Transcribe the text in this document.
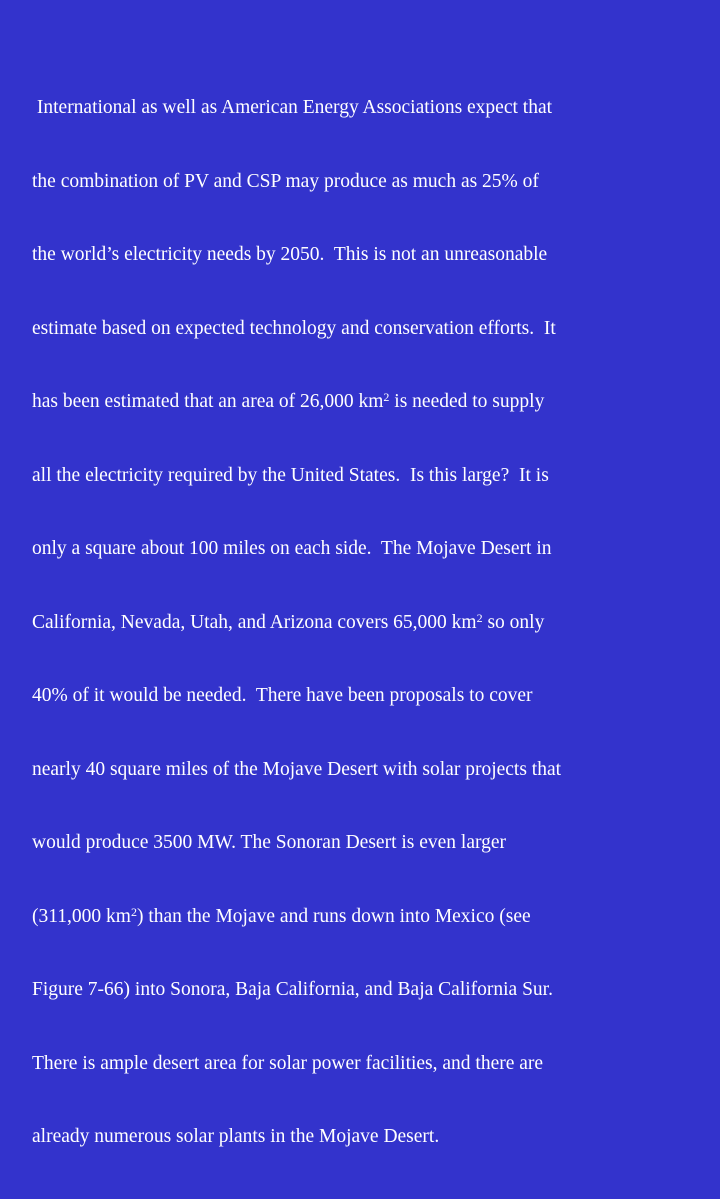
International as well as American Energy Associations expect that

the combination of PV and CSP may produce as much as 25% of

the world’s electricity needs by 2050.  This is not an unreasonable

estimate based on expected technology and conservation efforts.  It

has been estimated that an area of 26,000 $km^2$ is needed to supply

all the electricity required by the United States.  Is this large?  It is

only a square about 100 miles on each side.  The Mojave Desert in

California, Nevada, Utah, and Arizona covers 65,000 $km^2$ so only

40% of it would be needed.  There have been proposals to cover

nearly 40 square miles of the Mojave Desert with solar projects that

would produce 3500 MW. The Sonoran Desert is even larger

(311,000 $km^2$) than the Mojave and runs down into Mexico (see

Figure 7-66) into Sonora, Baja California, and Baja California Sur.

There is ample desert area for solar power facilities, and there are

already numerous solar plants in the Mojave Desert.
